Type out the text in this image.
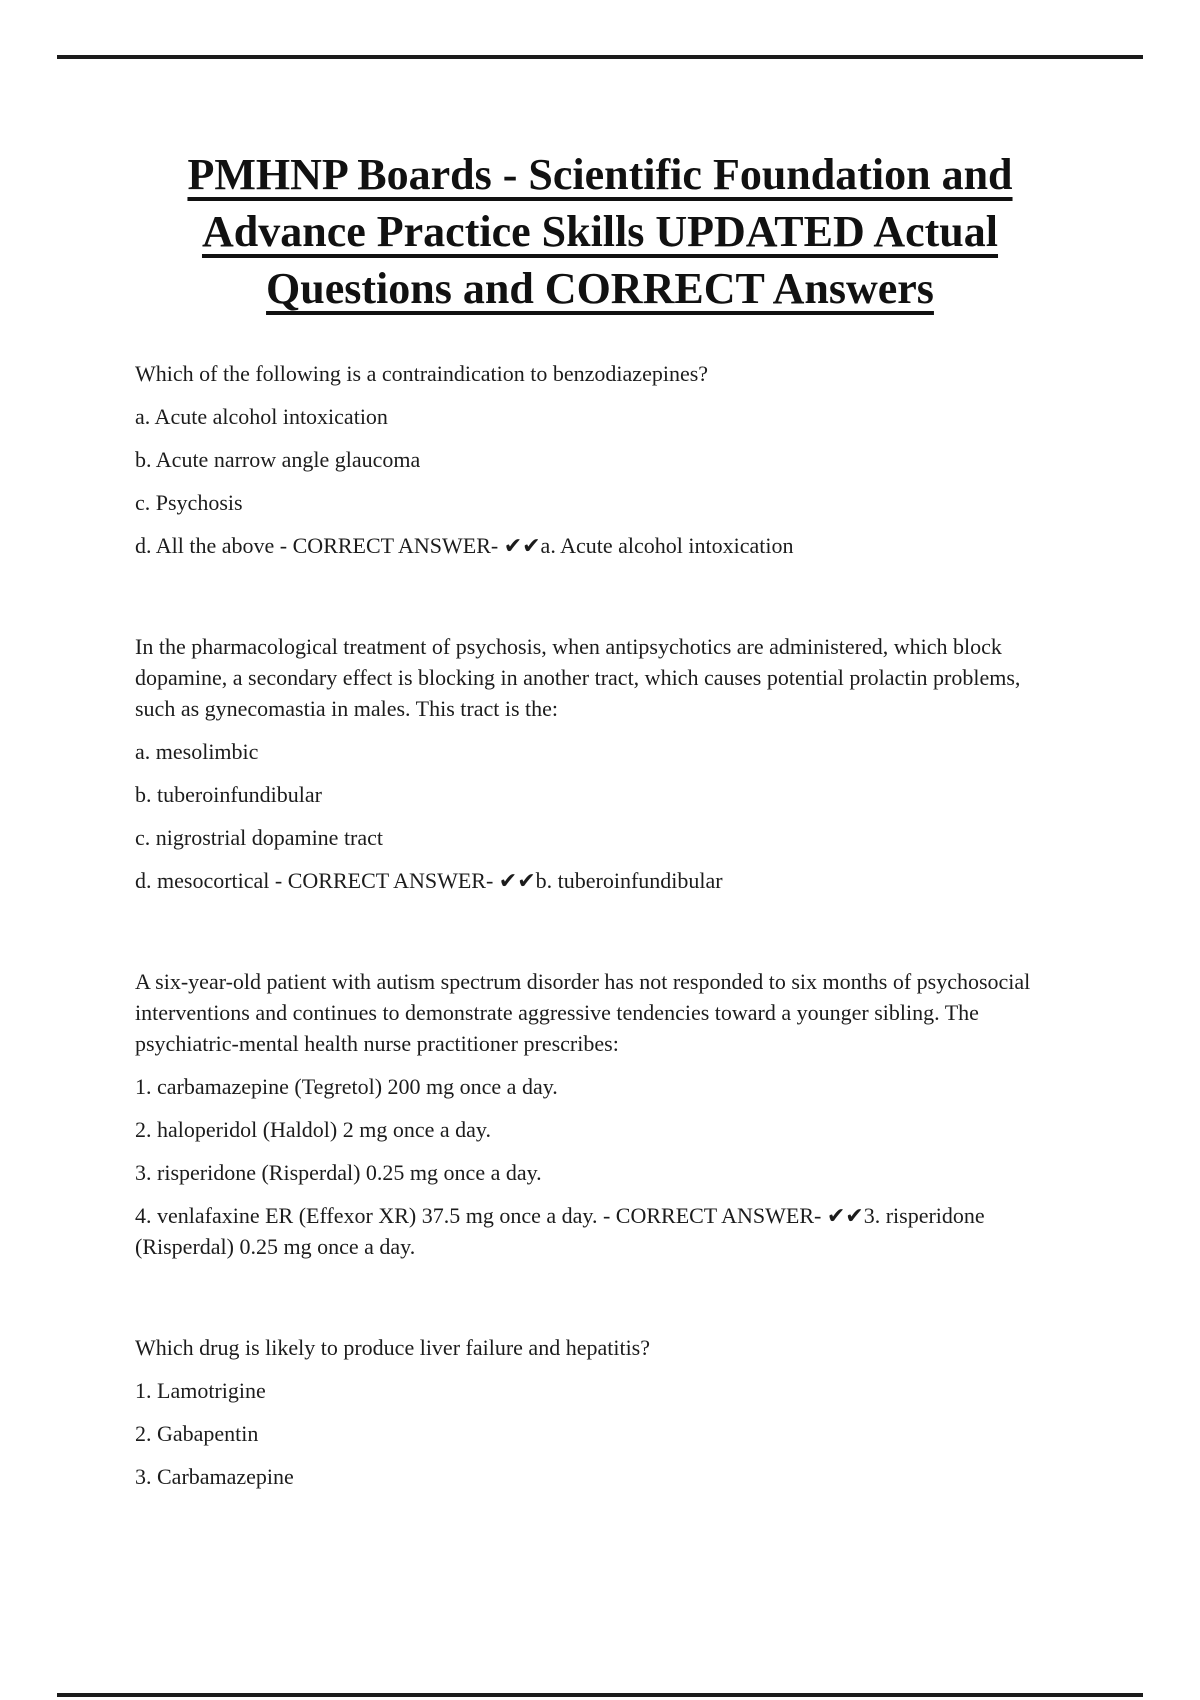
PMHNP Boards - Scientific Foundation and
Advance Practice Skills UPDATED Actual
Questions and CORRECT Answers

Which of the following is a contraindication to benzodiazepines?

a. Acute alcohol intoxication

b. Acute narrow angle glaucoma

c. Psychosis

d. All the above - CORRECT ANSWER- ✔✔a. Acute alcohol intoxication

In the pharmacological treatment of psychosis, when antipsychotics are administered, which block dopamine, a secondary effect is blocking in another tract, which causes potential prolactin problems, such as gynecomastia in males. This tract is the:

a. mesolimbic

b. tuberoinfundibular

c. nigrostrial dopamine tract

d. mesocortical - CORRECT ANSWER- ✔✔b. tuberoinfundibular

A six-year-old patient with autism spectrum disorder has not responded to six months of psychosocial interventions and continues to demonstrate aggressive tendencies toward a younger sibling. The psychiatric-mental health nurse practitioner prescribes:

1. carbamazepine (Tegretol) 200 mg once a day.

2. haloperidol (Haldol) 2 mg once a day.

3. risperidone (Risperdal) 0.25 mg once a day.

4. venlafaxine ER (Effexor XR) 37.5 mg once a day. - CORRECT ANSWER- ✔✔3. risperidone (Risperdal) 0.25 mg once a day.

Which drug is likely to produce liver failure and hepatitis?

1. Lamotrigine

2. Gabapentin

3. Carbamazepine
